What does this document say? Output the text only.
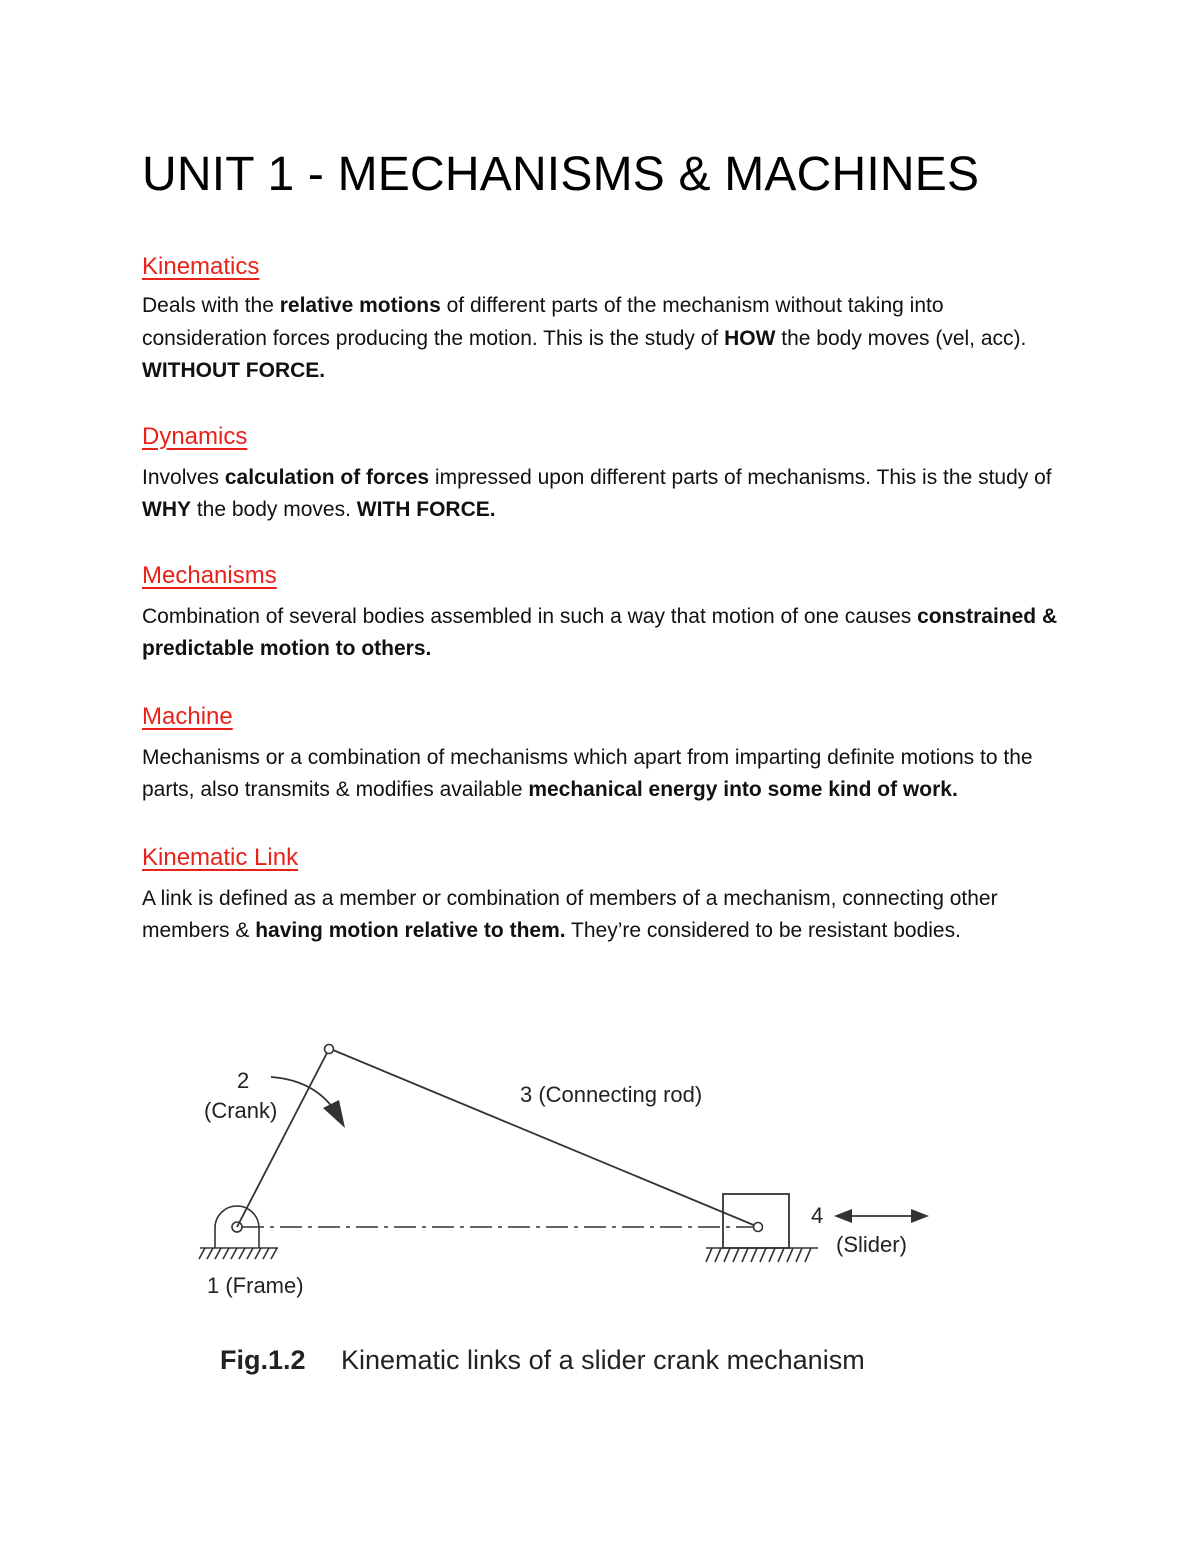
UNIT 1 - MECHANISMS & MACHINES
Kinematics

Deals with the relative motions of different parts of the mechanism without taking into consideration forces producing the motion. This is the study of HOW the body moves (vel, acc). WITHOUT FORCE.

Dynamics

Involves calculation of forces impressed upon different parts of mechanisms. This is the study of WHY the body moves. WITH FORCE.

Mechanisms

Combination of several bodies assembled in such a way that motion of one causes constrained & predictable motion to others.

Machine

Mechanisms or a combination of mechanisms which apart from imparting definite motions to the parts, also transmits & modifies available mechanical energy into some kind of work.

Kinematic Link

A link is defined as a member or combination of members of a mechanism, connecting other members & having motion relative to them. They’re considered to be resistant bodies.

2
(Crank)
3 (Connecting rod)
4
(Slider)
1 (Frame)
Fig.1.2 Kinematic links of a slider crank mechanism
